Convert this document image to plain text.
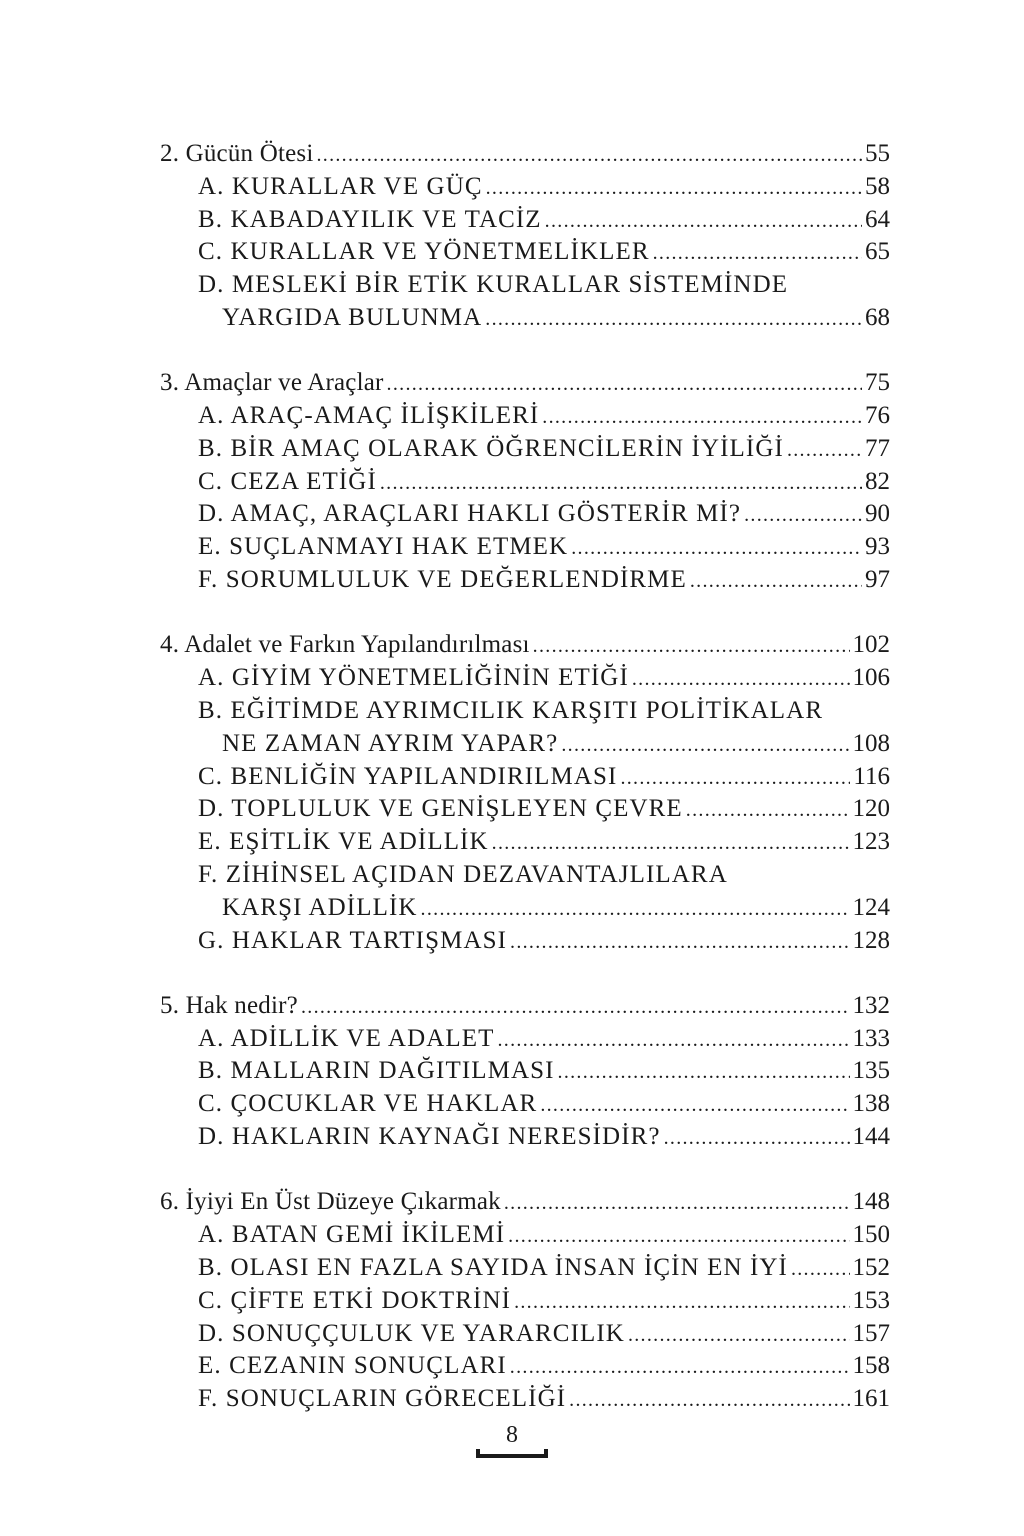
2. Gücün Ötesi .....	55
A. KURALLAR VE GÜÇ .....	58
B. KABADAYILIK VE TACİZ .....	64
C. KURALLAR VE YÖNETMELİKLER .....	65
D. MESLEKİ BİR ETİK KURALLAR SİSTEMİNDE
YARGIDA BULUNMA .....	68
3. Amaçlar ve Araçlar .....	75
A. ARAÇ-AMAÇ İLİŞKİLERİ .....	76
B. BİR AMAÇ OLARAK ÖĞRENCİLERİN İYİLİĞİ .....	77
C. CEZA ETİĞİ .....	82
D. AMAÇ, ARAÇLARI HAKLI GÖSTERİR Mİ? .....	90
E. SUÇLANMAYI HAK ETMEK .....	93
F. SORUMLULUK VE DEĞERLENDİRME .....	97
4. Adalet ve Farkın Yapılandırılması .....	102
A. GİYİM YÖNETMELİĞİNİN ETİĞİ .....	106
B. EĞİTİMDE AYRIMCILIK KARŞITI POLİTİKALAR
NE ZAMAN AYRIM YAPAR? .....	108
C. BENLİĞİN YAPILANDIRILMASI .....	116
D. TOPLULUK VE GENİŞLEYEN ÇEVRE .....	120
E. EŞİTLİK VE ADİLLİK .....	123
F. ZİHİNSEL AÇIDAN DEZAVANTAJLILARA
KARŞI ADİLLİK .....	124
G. HAKLAR TARTIŞMASI .....	128
5. Hak nedir? .....	132
A. ADİLLİK VE ADALET .....	133
B. MALLARIN DAĞITILMASI .....	135
C. ÇOCUKLAR VE HAKLAR .....	138
D. HAKLARIN KAYNAĞI NERESİDİR? .....	144
6. İyiyi En Üst Düzeye Çıkarmak .....	148
A. BATAN GEMİ İKİLEMİ .....	150
B. OLASI EN FAZLA SAYIDA İNSAN İÇİN EN İYİ .....	152
C. ÇİFTE ETKİ DOKTRİNİ .....	153
D. SONUÇÇULUK VE YARARCILIK .....	157
E. CEZANIN SONUÇLARI .....	158
F. SONUÇLARIN GÖRECELİĞİ .....	161
8
